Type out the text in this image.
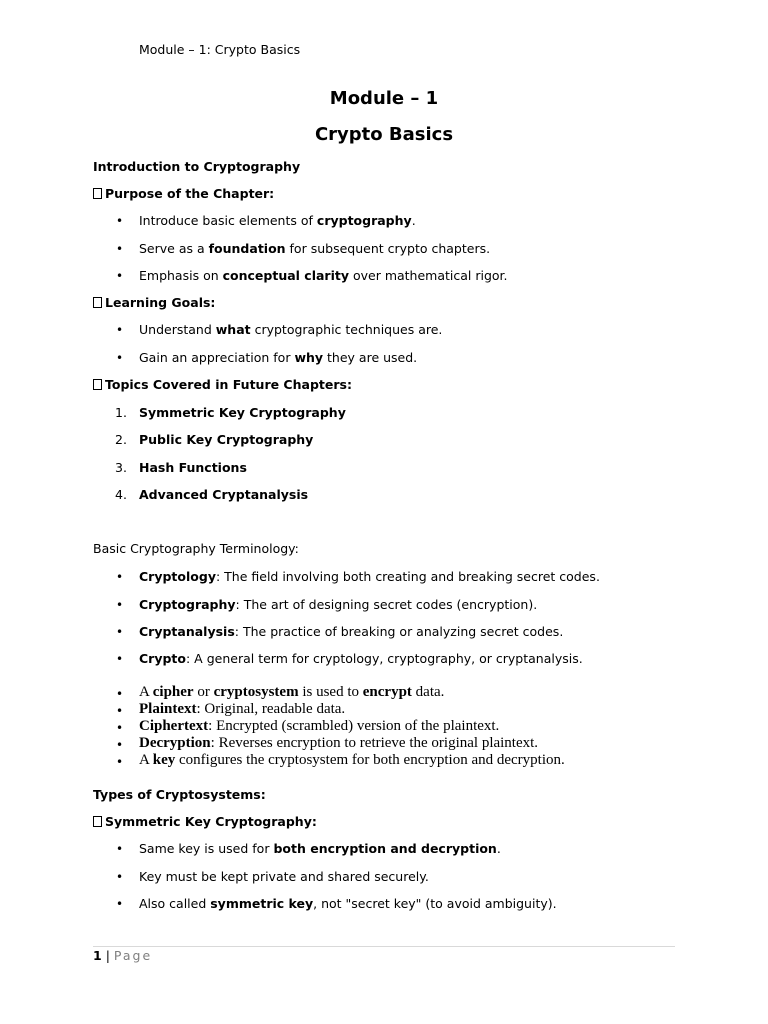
Module – 1: Crypto Basics
Module – 1
Crypto Basics
Introduction to Cryptography
Purpose of the Chapter:
• Introduce basic elements of cryptography.
• Serve as a foundation for subsequent crypto chapters.
• Emphasis on conceptual clarity over mathematical rigor.
Learning Goals:
• Understand what cryptographic techniques are.
• Gain an appreciation for why they are used.
Topics Covered in Future Chapters:
1. Symmetric Key Cryptography
2. Public Key Cryptography
3. Hash Functions
4. Advanced Cryptanalysis
Basic Cryptography Terminology:
• Cryptology: The field involving both creating and breaking secret codes.
• Cryptography: The art of designing secret codes (encryption).
• Cryptanalysis: The practice of breaking or analyzing secret codes.
• Crypto: A general term for cryptology, cryptography, or cryptanalysis.
• A cipher or cryptosystem is used to encrypt data.
• Plaintext: Original, readable data.
• Ciphertext: Encrypted (scrambled) version of the plaintext.
• Decryption: Reverses encryption to retrieve the original plaintext.
• A key configures the cryptosystem for both encryption and decryption.
Types of Cryptosystems:
Symmetric Key Cryptography:
• Same key is used for both encryption and decryption.
• Key must be kept private and shared securely.
• Also called symmetric key, not "secret key" (to avoid ambiguity).
1 | Page
